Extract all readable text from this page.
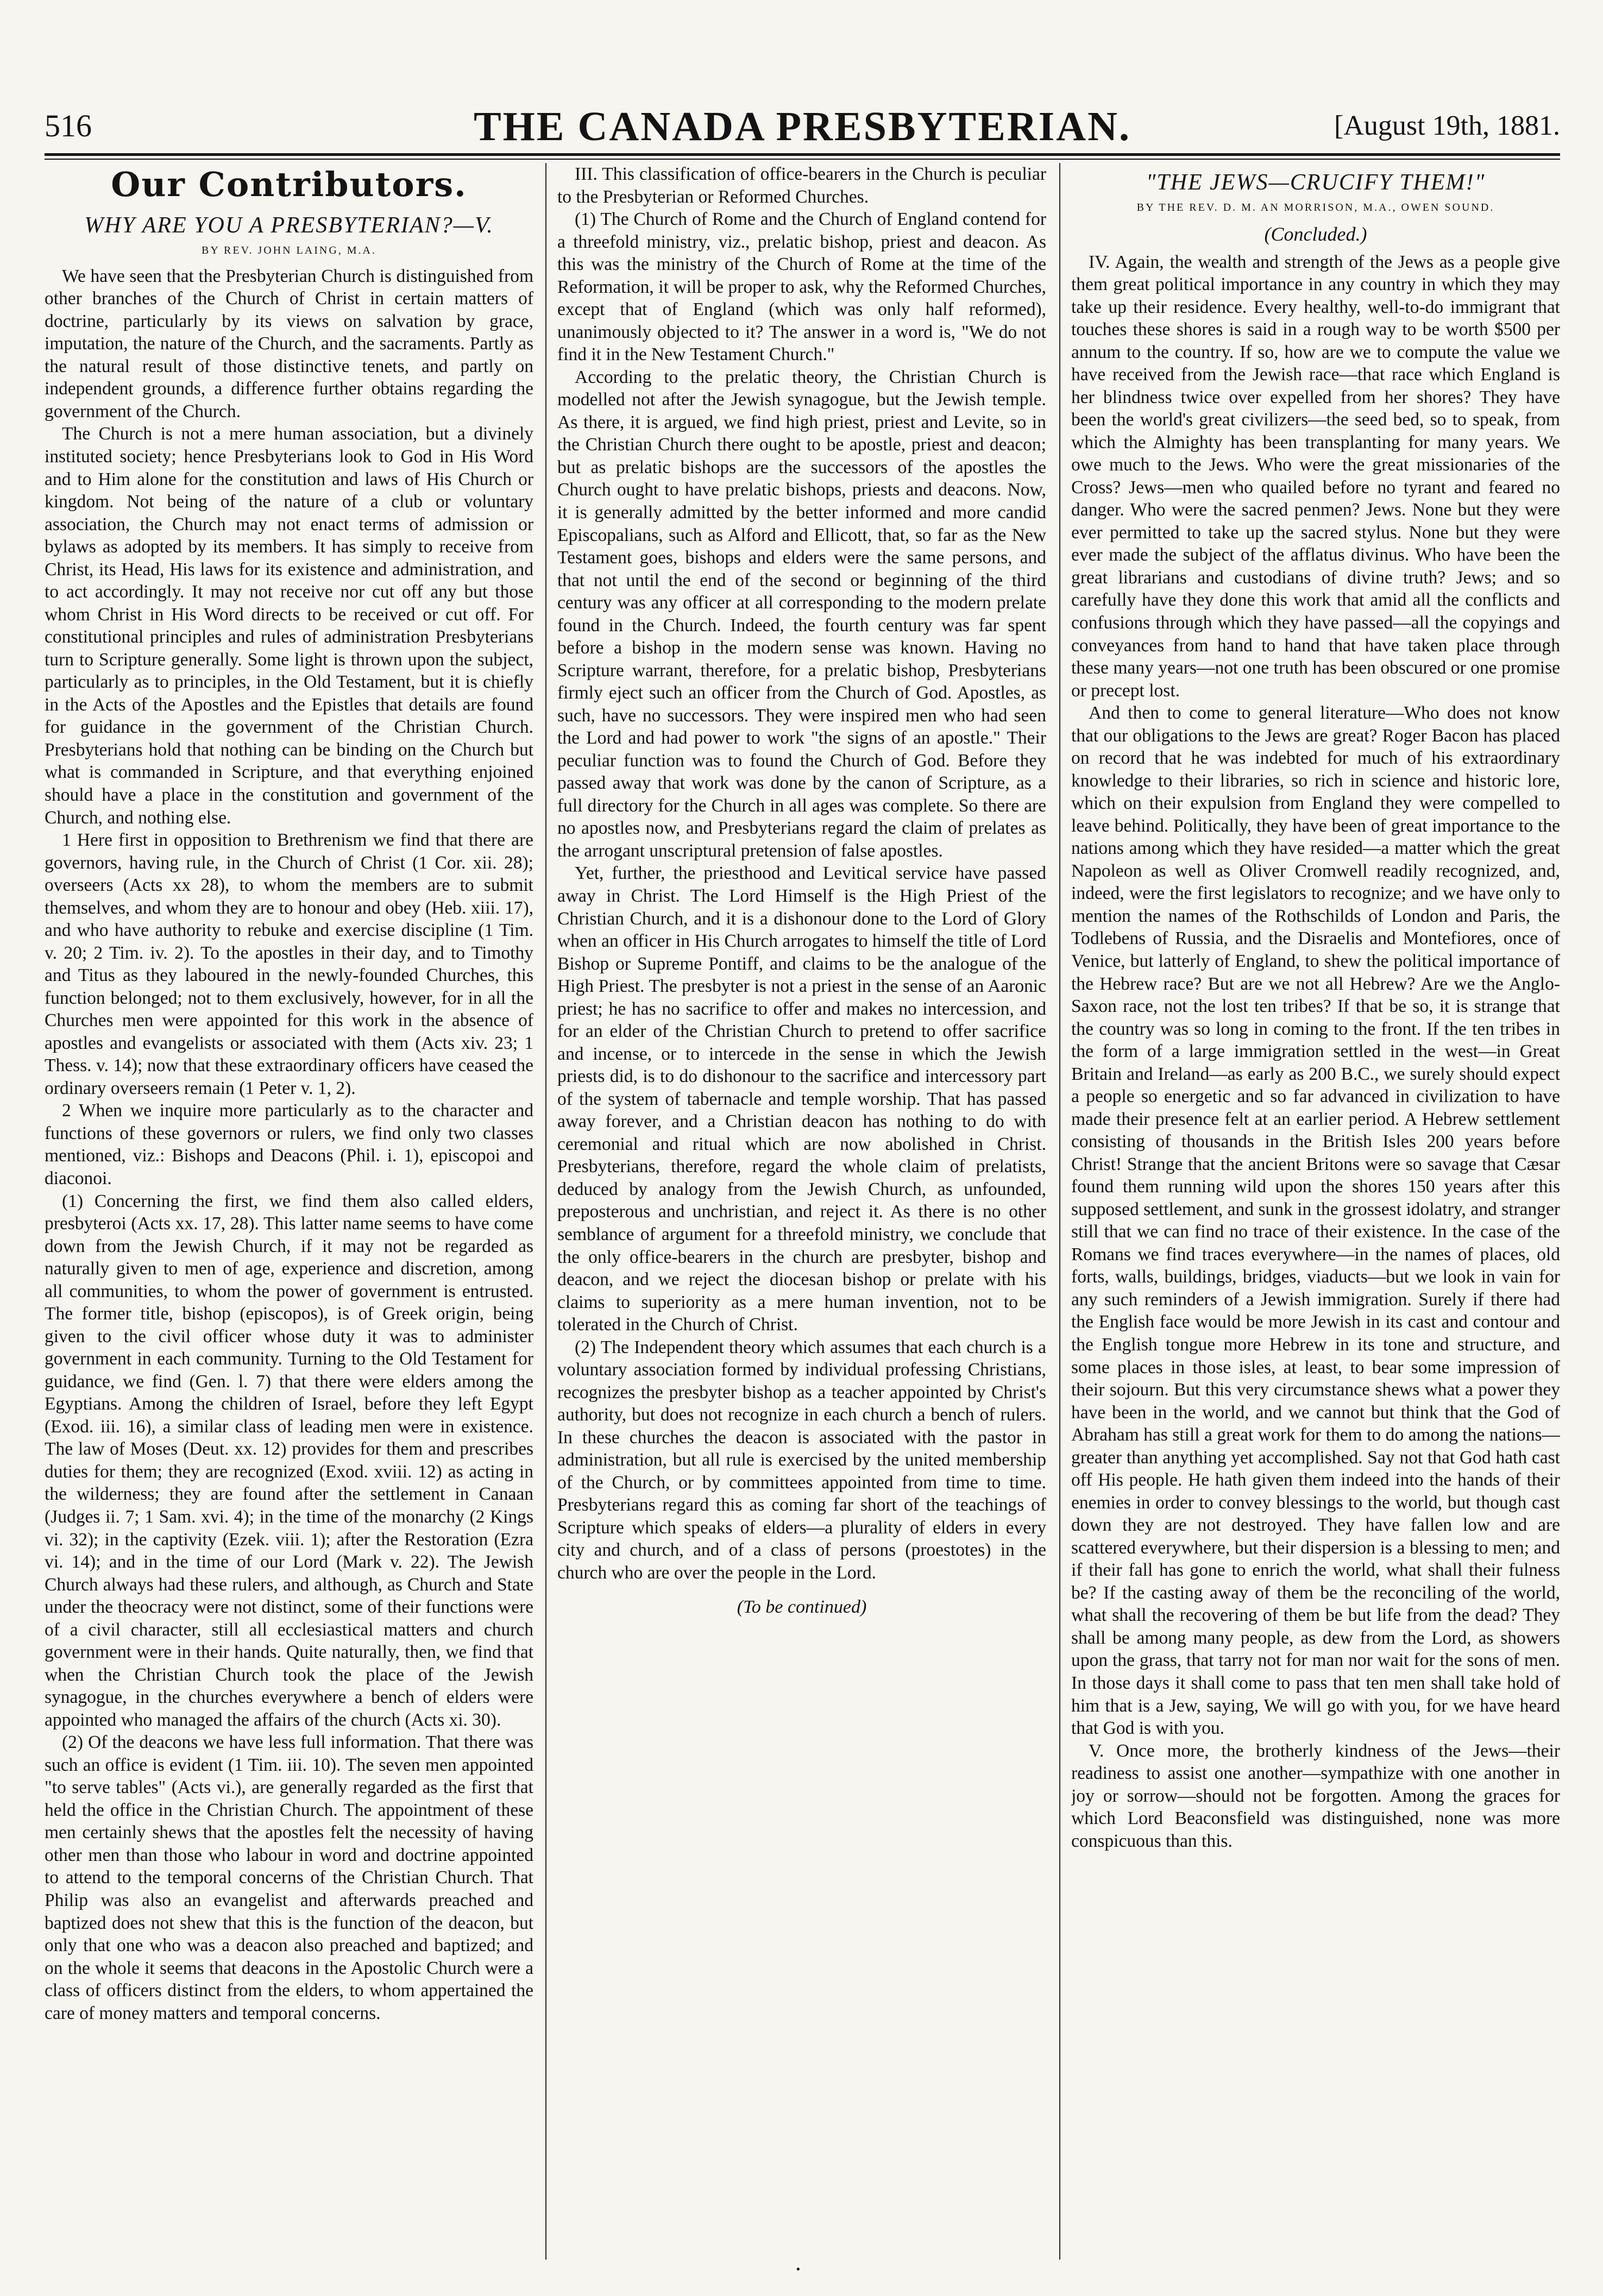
516	THE CANADA PRESBYTERIAN.	[August 19th, 1881.
Our Contributors.
WHY ARE YOU A PRESBYTERIAN?—V.
BY REV. JOHN LAING, M.A.

We have seen that the Presbyterian Church is distinguished from other branches of the Church of Christ in certain matters of doctrine, particularly by its views on salvation by grace, imputation, the nature of the Church, and the sacraments. Partly as the natural result of those distinctive tenets, and partly on independent grounds, a difference further obtains regarding the government of the Church.

The Church is not a mere human association, but a divinely instituted society; hence Presbyterians look to God in His Word and to Him alone for the constitution and laws of His Church or kingdom. Not being of the nature of a club or voluntary association, the Church may not enact terms of admission or bylaws as adopted by its members. It has simply to receive from Christ, its Head, His laws for its existence and administration, and to act accordingly. It may not receive nor cut off any but those whom Christ in His Word directs to be received or cut off. For constitutional principles and rules of administration Presbyterians turn to Scripture generally. Some light is thrown upon the subject, particularly as to principles, in the Old Testament, but it is chiefly in the Acts of the Apostles and the Epistles that details are found for guidance in the government of the Christian Church. Presbyterians hold that nothing can be binding on the Church but what is commanded in Scripture, and that everything enjoined should have a place in the constitution and government of the Church, and nothing else.

1 Here first in opposition to Brethrenism we find that there are governors, having rule, in the Church of Christ (1 Cor. xii. 28); overseers (Acts xx 28), to whom the members are to submit themselves, and whom they are to honour and obey (Heb. xiii. 17), and who have authority to rebuke and exercise discipline (1 Tim. v. 20; 2 Tim. iv. 2). To the apostles in their day, and to Timothy and Titus as they laboured in the newly-founded Churches, this function belonged; not to them exclusively, however, for in all the Churches men were appointed for this work in the absence of apostles and evangelists or associated with them (Acts xiv. 23; 1 Thess. v. 14); now that these extraordinary officers have ceased the ordinary overseers remain (1 Peter v. 1, 2).

2 When we inquire more particularly as to the character and functions of these governors or rulers, we find only two classes mentioned, viz.: Bishops and Deacons (Phil. i. 1), episcopoi and diaconoi.

(1) Concerning the first, we find them also called elders, presbyteroi (Acts xx. 17, 28). This latter name seems to have come down from the Jewish Church, if it may not be regarded as naturally given to men of age, experience and discretion, among all communities, to whom the power of government is entrusted. The former title, bishop (episcopos), is of Greek origin, being given to the civil officer whose duty it was to administer government in each community. Turning to the Old Testament for guidance, we find (Gen. l. 7) that there were elders among the Egyptians. Among the children of Israel, before they left Egypt (Exod. iii. 16), a similar class of leading men were in existence. The law of Moses (Deut. xx. 12) provides for them and prescribes duties for them; they are recognized (Exod. xviii. 12) as acting in the wilderness; they are found after the settlement in Canaan (Judges ii. 7; 1 Sam. xvi. 4); in the time of the monarchy (2 Kings vi. 32); in the captivity (Ezek. viii. 1); after the Restoration (Ezra vi. 14); and in the time of our Lord (Mark v. 22). The Jewish Church always had these rulers, and although, as Church and State under the theocracy were not distinct, some of their functions were of a civil character, still all ecclesiastical matters and church government were in their hands. Quite naturally, then, we find that when the Christian Church took the place of the Jewish synagogue, in the churches everywhere a bench of elders were appointed who managed the affairs of the church (Acts xi. 30).

(2) Of the deacons we have less full information. That there was such an office is evident (1 Tim. iii. 10). The seven men appointed "to serve tables" (Acts vi.), are generally regarded as the first that held the office in the Christian Church. The appointment of these men certainly shews that the apostles felt the necessity of having other men than those who labour in word and doctrine appointed to attend to the temporal concerns of the Christian Church. That Philip was also an evangelist and afterwards preached and baptized does not shew that this is the function of the deacon, but only that one who was a deacon also preached and baptized; and on the whole it seems that deacons in the Apostolic Church were a class of officers distinct from the elders, to whom appertained the care of money matters and temporal concerns.

III. This classification of office-bearers in the Church is peculiar to the Presbyterian or Reformed Churches.

(1) The Church of Rome and the Church of England contend for a threefold ministry, viz., prelatic bishop, priest and deacon. As this was the ministry of the Church of Rome at the time of the Reformation, it will be proper to ask, why the Reformed Churches, except that of England (which was only half reformed), unanimously objected to it? The answer in a word is, "We do not find it in the New Testament Church."

According to the prelatic theory, the Christian Church is modelled not after the Jewish synagogue, but the Jewish temple. As there, it is argued, we find high priest, priest and Levite, so in the Christian Church there ought to be apostle, priest and deacon; but as prelatic bishops are the successors of the apostles the Church ought to have prelatic bishops, priests and deacons. Now, it is generally admitted by the better informed and more candid Episcopalians, such as Alford and Ellicott, that, so far as the New Testament goes, bishops and elders were the same persons, and that not until the end of the second or beginning of the third century was any officer at all corresponding to the modern prelate found in the Church. Indeed, the fourth century was far spent before a bishop in the modern sense was known. Having no Scripture warrant, therefore, for a prelatic bishop, Presbyterians firmly eject such an officer from the Church of God. Apostles, as such, have no successors. They were inspired men who had seen the Lord and had power to work "the signs of an apostle." Their peculiar function was to found the Church of God. Before they passed away that work was done by the canon of Scripture, as a full directory for the Church in all ages was complete. So there are no apostles now, and Presbyterians regard the claim of prelates as the arrogant unscriptural pretension of false apostles.

Yet, further, the priesthood and Levitical service have passed away in Christ. The Lord Himself is the High Priest of the Christian Church, and it is a dishonour done to the Lord of Glory when an officer in His Church arrogates to himself the title of Lord Bishop or Supreme Pontiff, and claims to be the analogue of the High Priest. The presbyter is not a priest in the sense of an Aaronic priest; he has no sacrifice to offer and makes no intercession, and for an elder of the Christian Church to pretend to offer sacrifice and incense, or to intercede in the sense in which the Jewish priests did, is to do dishonour to the sacrifice and intercessory part of the system of tabernacle and temple worship. That has passed away forever, and a Christian deacon has nothing to do with ceremonial and ritual which are now abolished in Christ. Presbyterians, therefore, regard the whole claim of prelatists, deduced by analogy from the Jewish Church, as unfounded, preposterous and unchristian, and reject it. As there is no other semblance of argument for a threefold ministry, we conclude that the only office-bearers in the church are presbyter, bishop and deacon, and we reject the diocesan bishop or prelate with his claims to superiority as a mere human invention, not to be tolerated in the Church of Christ.

(2) The Independent theory which assumes that each church is a voluntary association formed by individual professing Christians, recognizes the presbyter bishop as a teacher appointed by Christ's authority, but does not recognize in each church a bench of rulers. In these churches the deacon is associated with the pastor in administration, but all rule is exercised by the united membership of the Church, or by committees appointed from time to time. Presbyterians regard this as coming far short of the teachings of Scripture which speaks of elders—a plurality of elders in every city and church, and of a class of persons (proestotes) in the church who are over the people in the Lord.

(To be continued)
"THE JEWS—CRUCIFY THEM!"
BY THE REV. D. M. AN MORRISON, M.A., OWEN SOUND.
(Concluded.)

IV. Again, the wealth and strength of the Jews as a people give them great political importance in any country in which they may take up their residence. Every healthy, well-to-do immigrant that touches these shores is said in a rough way to be worth $500 per annum to the country. If so, how are we to compute the value we have received from the Jewish race—that race which England is her blindness twice over expelled from her shores? They have been the world's great civilizers—the seed bed, so to speak, from which the Almighty has been transplanting for many years. We owe much to the Jews. Who were the great missionaries of the Cross? Jews—men who quailed before no tyrant and feared no danger. Who were the sacred penmen? Jews. None but they were ever permitted to take up the sacred stylus. None but they were ever made the subject of the afflatus divinus. Who have been the great librarians and custodians of divine truth? Jews; and so carefully have they done this work that amid all the conflicts and confusions through which they have passed—all the copyings and conveyances from hand to hand that have taken place through these many years—not one truth has been obscured or one promise or precept lost.

And then to come to general literature—Who does not know that our obligations to the Jews are great? Roger Bacon has placed on record that he was indebted for much of his extraordinary knowledge to their libraries, so rich in science and historic lore, which on their expulsion from England they were compelled to leave behind. Politically, they have been of great importance to the nations among which they have resided—a matter which the great Napoleon as well as Oliver Cromwell readily recognized, and, indeed, were the first legislators to recognize; and we have only to mention the names of the Rothschilds of London and Paris, the Todlebens of Russia, and the Disraelis and Montefiores, once of Venice, but latterly of England, to shew the political importance of the Hebrew race? But are we not all Hebrew? Are we the Anglo-Saxon race, not the lost ten tribes? If that be so, it is strange that the country was so long in coming to the front. If the ten tribes in the form of a large immigration settled in the west—in Great Britain and Ireland—as early as 200 B.C., we surely should expect a people so energetic and so far advanced in civilization to have made their presence felt at an earlier period. A Hebrew settlement consisting of thousands in the British Isles 200 years before Christ! Strange that the ancient Britons were so savage that Cæsar found them running wild upon the shores 150 years after this supposed settlement, and sunk in the grossest idolatry, and stranger still that we can find no trace of their existence. In the case of the Romans we find traces everywhere—in the names of places, old forts, walls, buildings, bridges, viaducts—but we look in vain for any such reminders of a Jewish immigration. Surely if there had the English face would be more Jewish in its cast and contour and the English tongue more Hebrew in its tone and structure, and some places in those isles, at least, to bear some impression of their sojourn. But this very circumstance shews what a power they have been in the world, and we cannot but think that the God of Abraham has still a great work for them to do among the nations—greater than anything yet accomplished. Say not that God hath cast off His people. He hath given them indeed into the hands of their enemies in order to convey blessings to the world, but though cast down they are not destroyed. They have fallen low and are scattered everywhere, but their dispersion is a blessing to men; and if their fall has gone to enrich the world, what shall their fulness be? If the casting away of them be the reconciling of the world, what shall the recovering of them be but life from the dead? They shall be among many people, as dew from the Lord, as showers upon the grass, that tarry not for man nor wait for the sons of men. In those days it shall come to pass that ten men shall take hold of him that is a Jew, saying, We will go with you, for we have heard that God is with you.

V. Once more, the brotherly kindness of the Jews—their readiness to assist one another—sympathize with one another in joy or sorrow—should not be forgotten. Among the graces for which Lord Beaconsfield was distinguished, none was more conspicuous than this.

·
